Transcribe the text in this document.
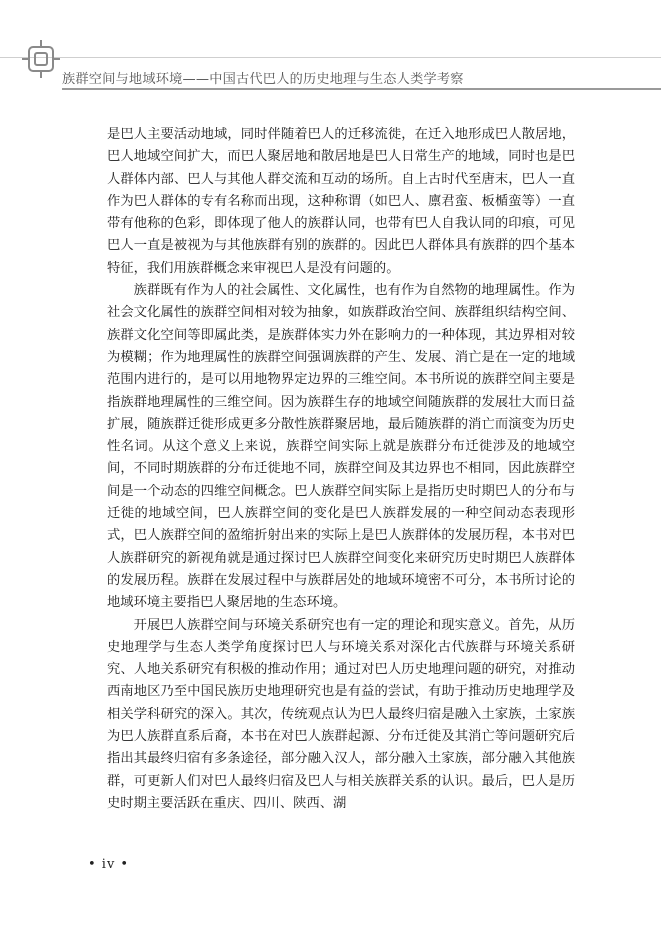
族群空间与地域环境——中国古代巴人的历史地理与生态人类学考察

是巴人主要活动地域，同时伴随着巴人的迁移流徙，在迁入地形成巴人散居地，巴人地域空间扩大，而巴人聚居地和散居地是巴人日常生产的地域，同时也是巴人群体内部、巴人与其他人群交流和互动的场所。自上古时代至唐末，巴人一直作为巴人群体的专有名称而出现，这种称谓（如巴人、廪君蛮、板楯蛮等）一直带有他称的色彩，即体现了他人的族群认同，也带有巴人自我认同的印痕，可见巴人一直是被视为与其他族群有别的族群的。因此巴人群体具有族群的四个基本特征，我们用族群概念来审视巴人是没有问题的。

族群既有作为人的社会属性、文化属性，也有作为自然物的地理属性。作为社会文化属性的族群空间相对较为抽象，如族群政治空间、族群组织结构空间、族群文化空间等即属此类，是族群体实力外在影响力的一种体现，其边界相对较为模糊；作为地理属性的族群空间强调族群的产生、发展、消亡是在一定的地域范围内进行的，是可以用地物界定边界的三维空间。本书所说的族群空间主要是指族群地理属性的三维空间。因为族群生存的地域空间随族群的发展壮大而日益扩展，随族群迁徙形成更多分散性族群聚居地，最后随族群的消亡而演变为历史性名词。从这个意义上来说，族群空间实际上就是族群分布迁徙涉及的地域空间，不同时期族群的分布迁徙地不同，族群空间及其边界也不相同，因此族群空间是一个动态的四维空间概念。巴人族群空间实际上是指历史时期巴人的分布与迁徙的地域空间，巴人族群空间的变化是巴人族群发展的一种空间动态表现形式，巴人族群空间的盈缩折射出来的实际上是巴人族群体的发展历程，本书对巴人族群研究的新视角就是通过探讨巴人族群空间变化来研究历史时期巴人族群体的发展历程。族群在发展过程中与族群居处的地域环境密不可分，本书所讨论的地域环境主要指巴人聚居地的生态环境。

开展巴人族群空间与环境关系研究也有一定的理论和现实意义。首先，从历史地理学与生态人类学角度探讨巴人与环境关系对深化古代族群与环境关系研究、人地关系研究有积极的推动作用；通过对巴人历史地理问题的研究，对推动西南地区乃至中国民族历史地理研究也是有益的尝试，有助于推动历史地理学及相关学科研究的深入。其次，传统观点认为巴人最终归宿是融入土家族，土家族为巴人族群直系后裔，本书在对巴人族群起源、分布迁徙及其消亡等问题研究后指出其最终归宿有多条途径，部分融入汉人，部分融入土家族，部分融入其他族群，可更新人们对巴人最终归宿及巴人与相关族群关系的认识。最后，巴人是历史时期主要活跃在重庆、四川、陕西、湖

• iv •
